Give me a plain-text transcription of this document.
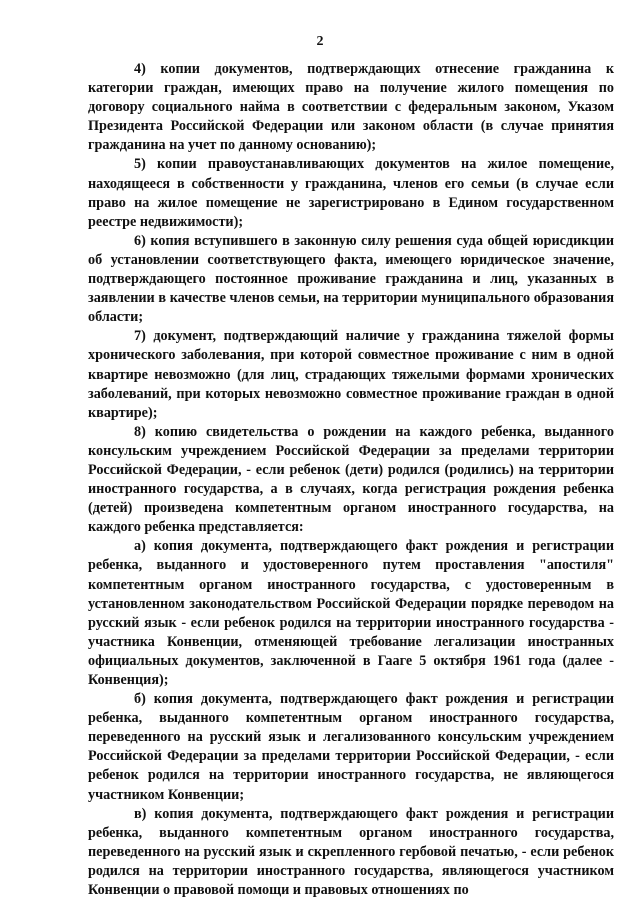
2

4) копии документов, подтверждающих отнесение гражданина к категории граждан, имеющих право на получение жилого помещения по договору социального найма в соответствии с федеральным законом, Указом Президента Российской Федерации или законом области (в случае принятия гражданина на учет по данному основанию);

5) копии правоустанавливающих документов на жилое помещение, находящееся в собственности у гражданина, членов его семьи (в случае если право на жилое помещение не зарегистрировано в Едином государственном реестре недвижимости);

6) копия вступившего в законную силу решения суда общей юрисдикции об установлении соответствующего факта, имеющего юридическое значение, подтверждающего постоянное проживание гражданина и лиц, указанных в заявлении в качестве членов семьи, на территории муниципального образования области;

7) документ, подтверждающий наличие у гражданина тяжелой формы хронического заболевания, при которой совместное проживание с ним в одной квартире невозможно (для лиц, страдающих тяжелыми формами хронических заболеваний, при которых невозможно совместное проживание граждан в одной квартире);

8) копию свидетельства о рождении на каждого ребенка, выданного консульским учреждением Российской Федерации за пределами территории Российской Федерации, - если ребенок (дети) родился (родились) на территории иностранного государства, а в случаях, когда регистрация рождения ребенка (детей) произведена компетентным органом иностранного государства, на каждого ребенка представляется:

а) копия документа, подтверждающего факт рождения и регистрации ребенка, выданного и удостоверенного путем проставления "апостиля" компетентным органом иностранного государства, с удостоверенным в установленном законодательством Российской Федерации порядке переводом на русский язык - если ребенок родился на территории иностранного государства - участника Конвенции, отменяющей требование легализации иностранных официальных документов, заключенной в Гааге 5 октября 1961 года (далее - Конвенция);

б) копия документа, подтверждающего факт рождения и регистрации ребенка, выданного компетентным органом иностранного государства, переведенного на русский язык и легализованного консульским учреждением Российской Федерации за пределами территории Российской Федерации, - если ребенок родился на территории иностранного государства, не являющегося участником Конвенции;

в) копия документа, подтверждающего факт рождения и регистрации ребенка, выданного компетентным органом иностранного государства, переведенного на русский язык и скрепленного гербовой печатью, - если ребенок родился на территории иностранного государства, являющегося участником Конвенции о правовой помощи и правовых отношениях по
